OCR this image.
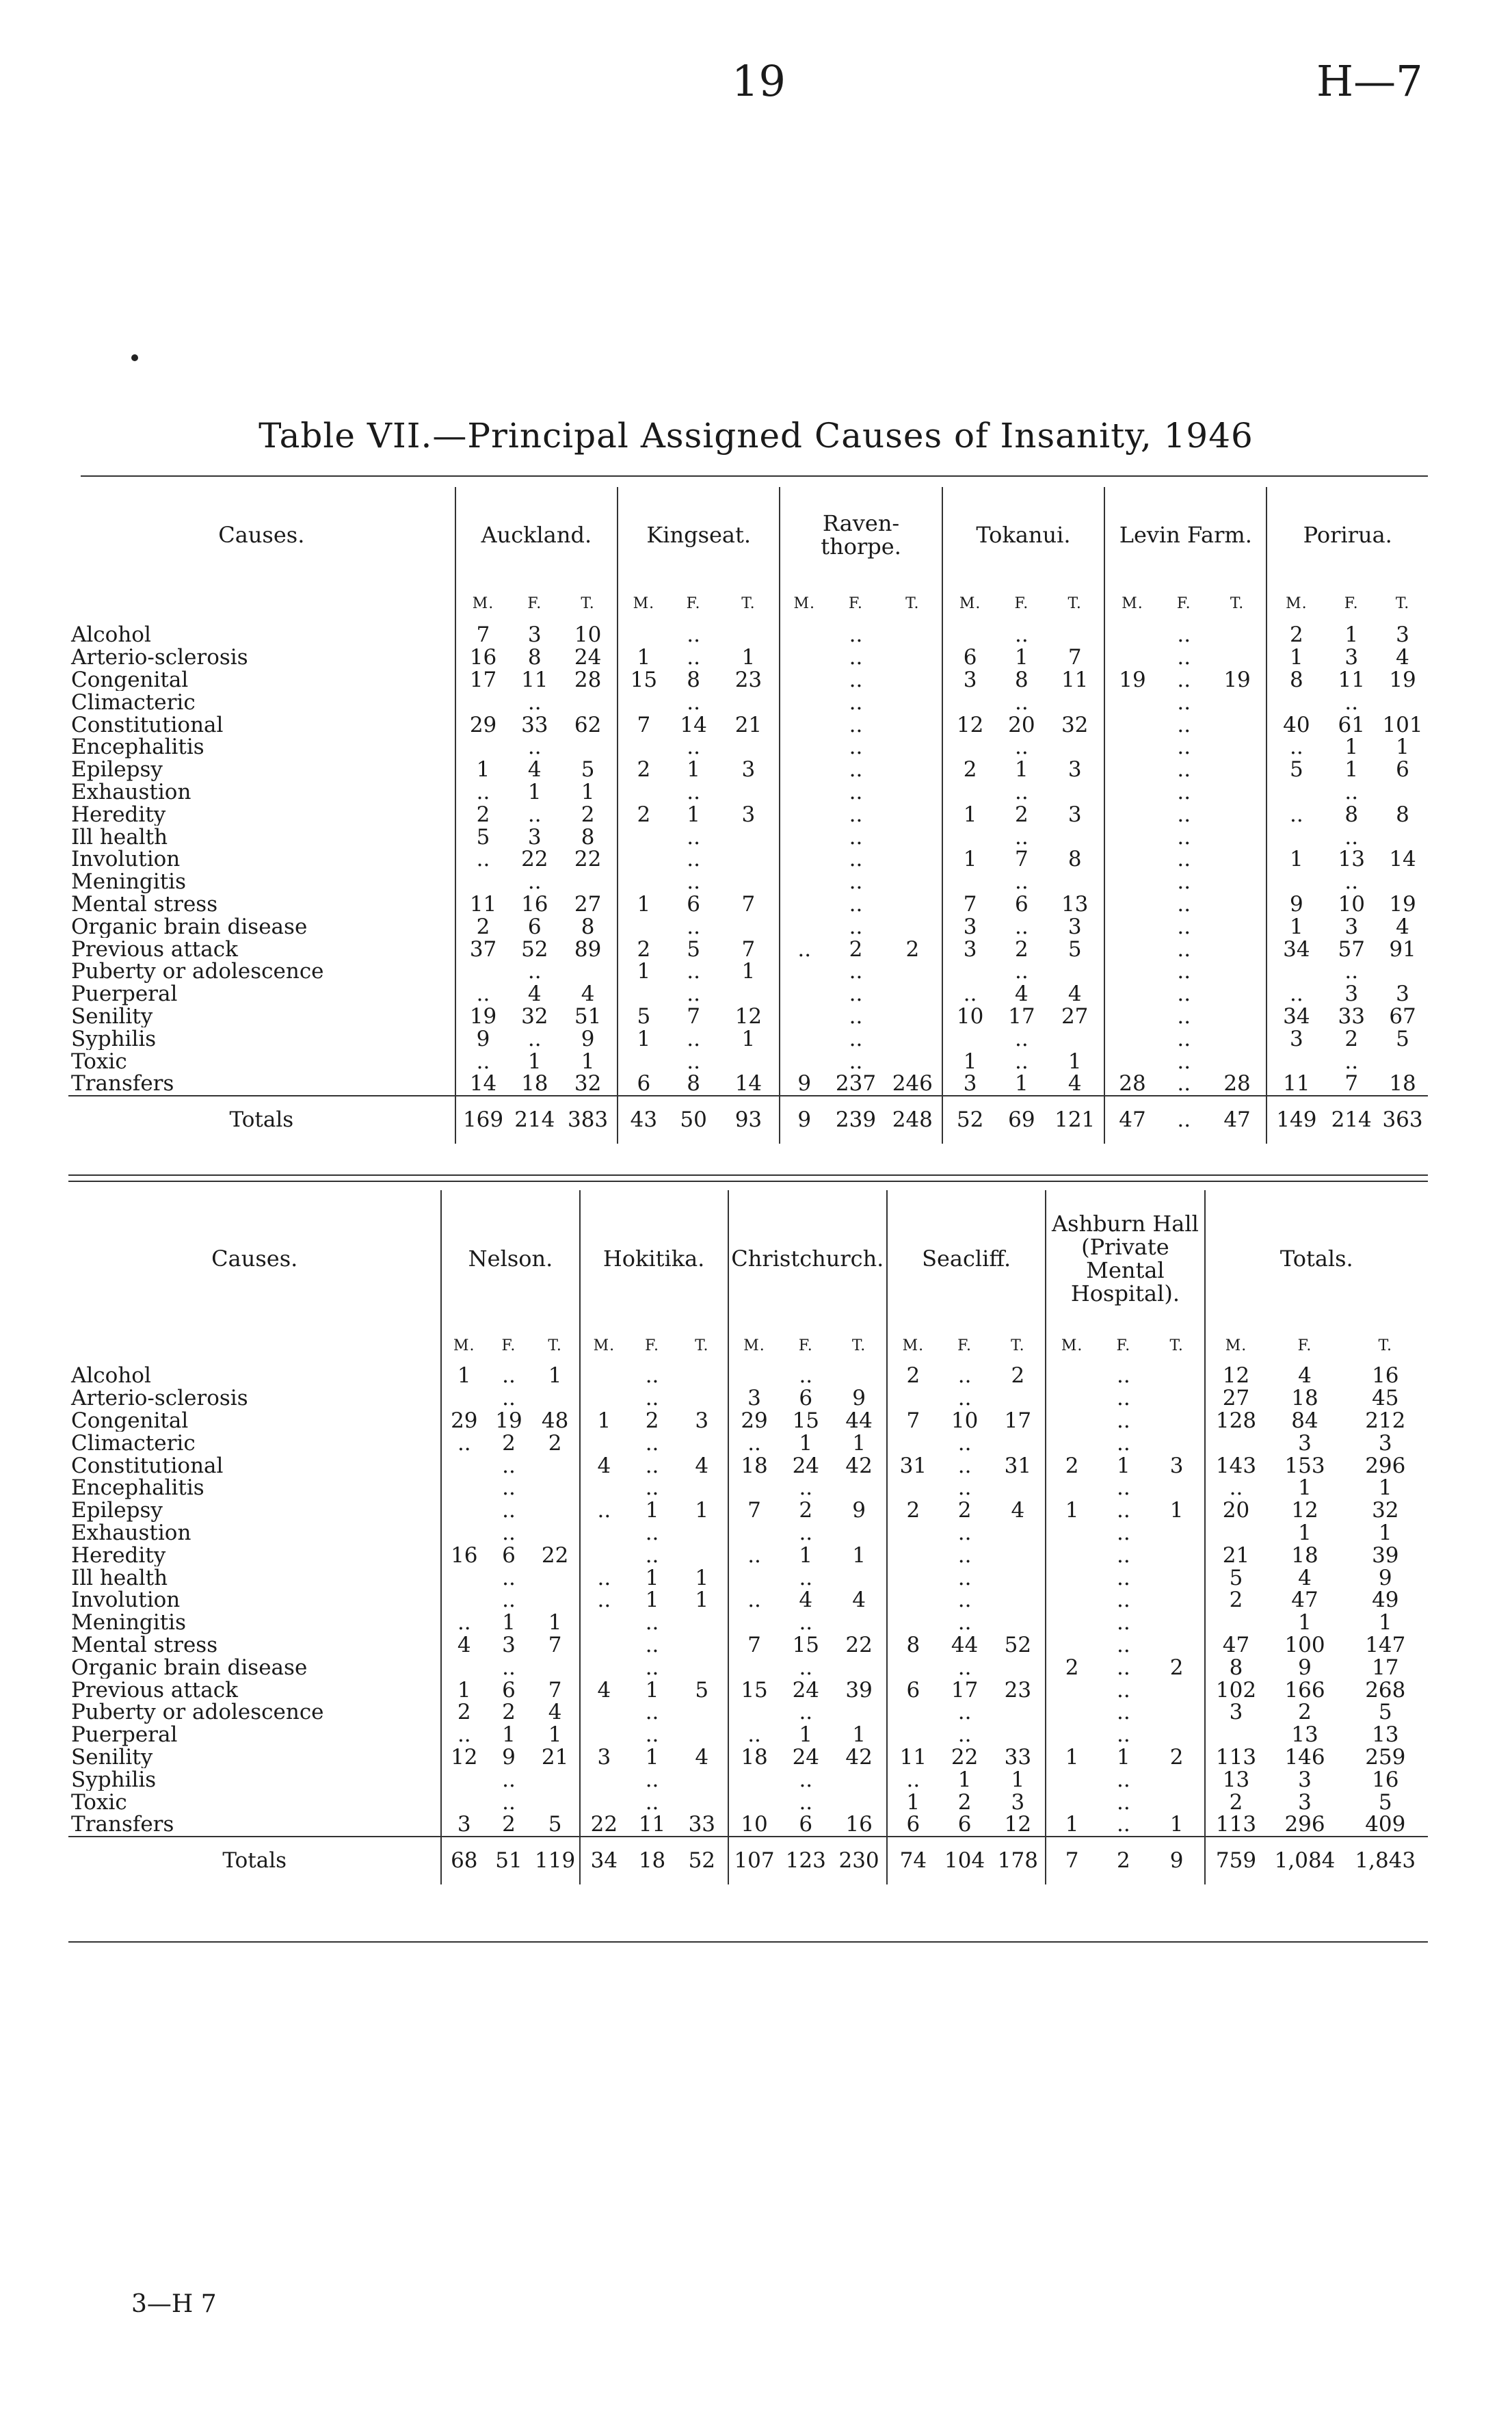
19	H—7
Table VII.—Principal Assigned Causes of Insanity, 1946
Causes.	Auckland.			Kingseat.			Raven- thorpe.			Tokanui.			Levin Farm.			Porirua.		
	M.	F.	T.	M.	F.	T.	M.	F.	T.	M.	F.	T.	M.	F.	T.	M.	F.	T.
Alcohol	7	3	10		..			..			..			..		2	1	3
Arterio-sclerosis	16	8	24	1	..	1		..		6	1	7		..		1	3	4
Congenital	17	11	28	15	8	23		..		3	8	11	19	..	19	8	11	19
Climacteric		..			..			..			..			..			..	
Constitutional	29	33	62	7	14	21		..		12	20	32		..		40	61	101
Encephalitis		..			..			..			..			..		..	1	1
Epilepsy	1	4	5	2	1	3		..		2	1	3		..		5	1	6
Exhaustion	..	1	1		..			..			..			..			..	
Heredity	2	..	2	2	1	3		..		1	2	3		..		..	8	8
Ill health	5	3	8		..			..			..			..			..	
Involution	..	22	22		..			..		1	7	8		..		1	13	14
Meningitis		..			..			..			..			..			..	
Mental stress	11	16	27	1	6	7		..		7	6	13		..		9	10	19
Organic brain disease	2	6	8		..			..		3	..	3		..		1	3	4
Previous attack	37	52	89	2	5	7	..	2	2	3	2	5		..		34	57	91
Puberty or adolescence		..		1	..	1		..			..			..			..	
Puerperal	..	4	4		..			..		..	4	4		..		..	3	3
Senility	19	32	51	5	7	12		..		10	17	27		..		34	33	67
Syphilis	9	..	9	1	..	1		..			..			..		3	2	5
Toxic	..	1	1		..			..		1	..	1		..			..	
Transfers	14	18	32	6	8	14	9	237	246	3	1	4	28	..	28	11	7	18
Totals	169	214	383	43	50	93	9	239	248	52	69	121	47	..	47	149	214	363
Causes.	Nelson.			Hokitika.			Christchurch.			Seacliff.			Ashburn Hall (Private Mental Hospital).			Totals.		
	M.	F.	T.	M.	F.	T.	M.	F.	T.	M.	F.	T.	M.	F.	T.	M.	F.	T.
Alcohol	1	..	1		..			..		2	..	2		..		12	4	16
Arterio-sclerosis		..			..		3	6	9		..			..		27	18	45
Congenital	29	19	48	1	2	3	29	15	44	7	10	17		..		128	84	212
Climacteric	..	2	2		..		..	1	1		..			..			3	3
Constitutional		..		4	..	4	18	24	42	31	..	31	2	1	3	143	153	296
Encephalitis		..			..			..			..			..		..	1	1
Epilepsy		..		..	1	1	7	2	9	2	2	4	1	..	1	20	12	32
Exhaustion		..			..			..			..			..			1	1
Heredity	16	6	22		..		..	1	1		..			..		21	18	39
Ill health		..		..	1	1		..			..			..		5	4	9
Involution		..		..	1	1	..	4	4		..			..		2	47	49
Meningitis	..	1	1		..			..			..			..			1	1
Mental stress	4	3	7		..		7	15	22	8	44	52		..		47	100	147
Organic brain disease		..			..			..			..		2	..	2	8	9	17
Previous attack	1	6	7	4	1	5	15	24	39	6	17	23		..		102	166	268
Puberty or adolescence	2	2	4		..			..			..			..		3	2	5
Puerperal	..	1	1		..		..	1	1		..			..			13	13
Senility	12	9	21	3	1	4	18	24	42	11	22	33	1	1	2	113	146	259
Syphilis		..			..			..		..	1	1		..		13	3	16
Toxic		..			..			..		1	2	3		..		2	3	5
Transfers	3	2	5	22	11	33	10	6	16	6	6	12	1	..	1	113	296	409
Totals	68	51	119	34	18	52	107	123	230	74	104	178	7	2	9	759	1,084	1,843
3—H 7
